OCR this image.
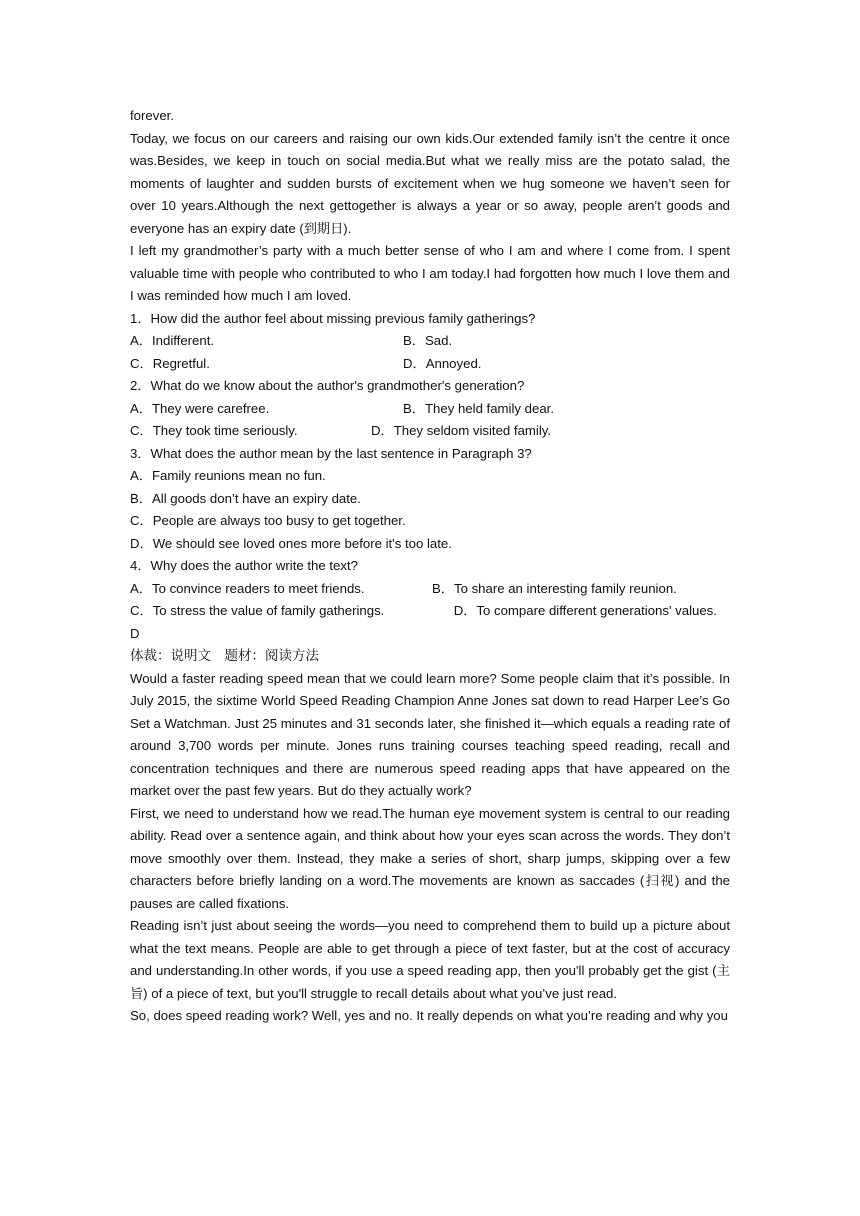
forever.

Today, we focus on our careers and raising our own kids.Our extended family isn’t the centre it once was.Besides, we keep in touch on social media.But what we really miss are the potato salad, the moments of laughter and sudden bursts of excitement when we hug someone we haven’t seen for over 10 years.Although the next gettogether is always a year or so away, people aren’t goods and everyone has an expiry date (到期日).

I left my grandmother’s party with a much better sense of who I am and where I come from. I spent valuable time with people who contributed to who I am today.I had forgotten how much I love them and I was reminded how much I am loved.

1．How did the author feel about missing previous family gatherings?
A．Indifferent.	B．Sad.
C．Regretful.	D．Annoyed.
2．What do we know about the author's grandmother's generation?
A．They were carefree.	B．They held family dear.
C．They took time seriously.	D．They seldom visited family.
3．What does the author mean by the last sentence in Paragraph 3?
A．Family reunions mean no fun.
B．All goods don’t have an expiry date.
C．People are always too busy to get together.
D．We should see loved ones more before it's too late.
4．Why does the author write the text?
A．To convince readers to meet friends.	B．To share an interesting family reunion.

C．To stress the value of family gatherings.	D．To compare different generations' values.

D
体裁：说明文　题材：阅读方法

Would a faster reading speed mean that we could learn more? Some people claim that it’s possible. In July 2015, the sixtime World Speed Reading Champion Anne Jones sat down to read Harper Lee’s Go Set a Watchman. Just 25 minutes and 31 seconds later, she finished it—which equals a reading rate of around 3,700 words per minute. Jones runs training courses teaching speed reading, recall and concentration techniques and there are numerous speed reading apps that have appeared on the market over the past few years. But do they actually work?

First, we need to understand how we read.The human eye movement system is central to our reading ability. Read over a sentence again, and think about how your eyes scan across the words. They don’t move smoothly over them. Instead, they make a series of short, sharp jumps, skipping over a few characters before briefly landing on a word.The movements are known as saccades (扫视) and the pauses are called fixations.

Reading isn’t just about seeing the words—you need to comprehend them to build up a picture about what the text means. People are able to get through a piece of text faster, but at the cost of accuracy and understanding.In other words, if you use a speed reading app, then you'll probably get the gist (主旨) of a piece of text, but you'll struggle to recall details about what you’ve just read.

So, does speed reading work? Well, yes and no. It really depends on what you’re reading and why you
